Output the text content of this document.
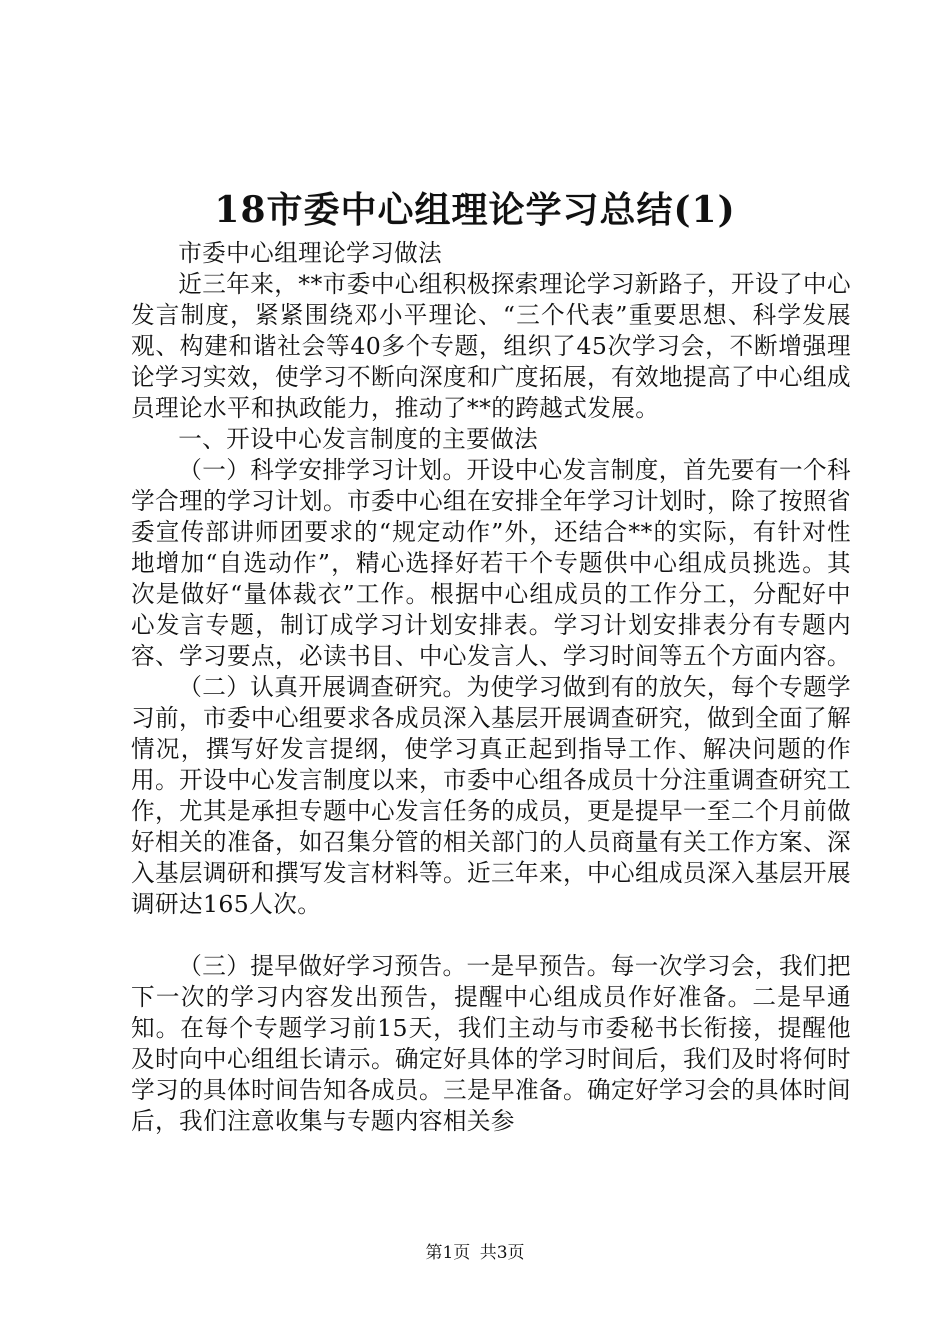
18市委中心组理论学习总结(1)

市委中心组理论学习做法

近三年来，**市委中心组积极探索理论学习新路子，开设了中心发言制度，紧紧围绕邓小平理论、“三个代表”重要思想、科学发展观、构建和谐社会等40多个专题，组织了45次学习会，不断增强理论学习实效，使学习不断向深度和广度拓展，有效地提高了中心组成员理论水平和执政能力，推动了**的跨越式发展。

一、开设中心发言制度的主要做法

（一）科学安排学习计划。开设中心发言制度，首先要有一个科学合理的学习计划。市委中心组在安排全年学习计划时，除了按照省委宣传部讲师团要求的“规定动作”外，还结合**的实际，有针对性地增加“自选动作”，精心选择好若干个专题供中心组成员挑选。其次是做好“量体裁衣”工作。根据中心组成员的工作分工，分配好中心发言专题，制订成学习计划安排表。学习计划安排表分有专题内容、学习要点，必读书目、中心发言人、学习时间等五个方面内容。

（二）认真开展调查研究。为使学习做到有的放矢，每个专题学习前，市委中心组要求各成员深入基层开展调查研究，做到全面了解情况，撰写好发言提纲，使学习真正起到指导工作、解决问题的作用。开设中心发言制度以来，市委中心组各成员十分注重调查研究工作，尤其是承担专题中心发言任务的成员，更是提早一至二个月前做好相关的准备，如召集分管的相关部门的人员商量有关工作方案、深入基层调研和撰写发言材料等。近三年来，中心组成员深入基层开展调研达165人次。

（三）提早做好学习预告。一是早预告。每一次学习会，我们把下一次的学习内容发出预告，提醒中心组成员作好准备。二是早通知。在每个专题学习前15天，我们主动与市委秘书长衔接，提醒他及时向中心组组长请示。确定好具体的学习时间后，我们及时将何时学习的具体时间告知各成员。三是早准备。确定好学习会的具体时间后，我们注意收集与专题内容相关参

第1页 共3页
